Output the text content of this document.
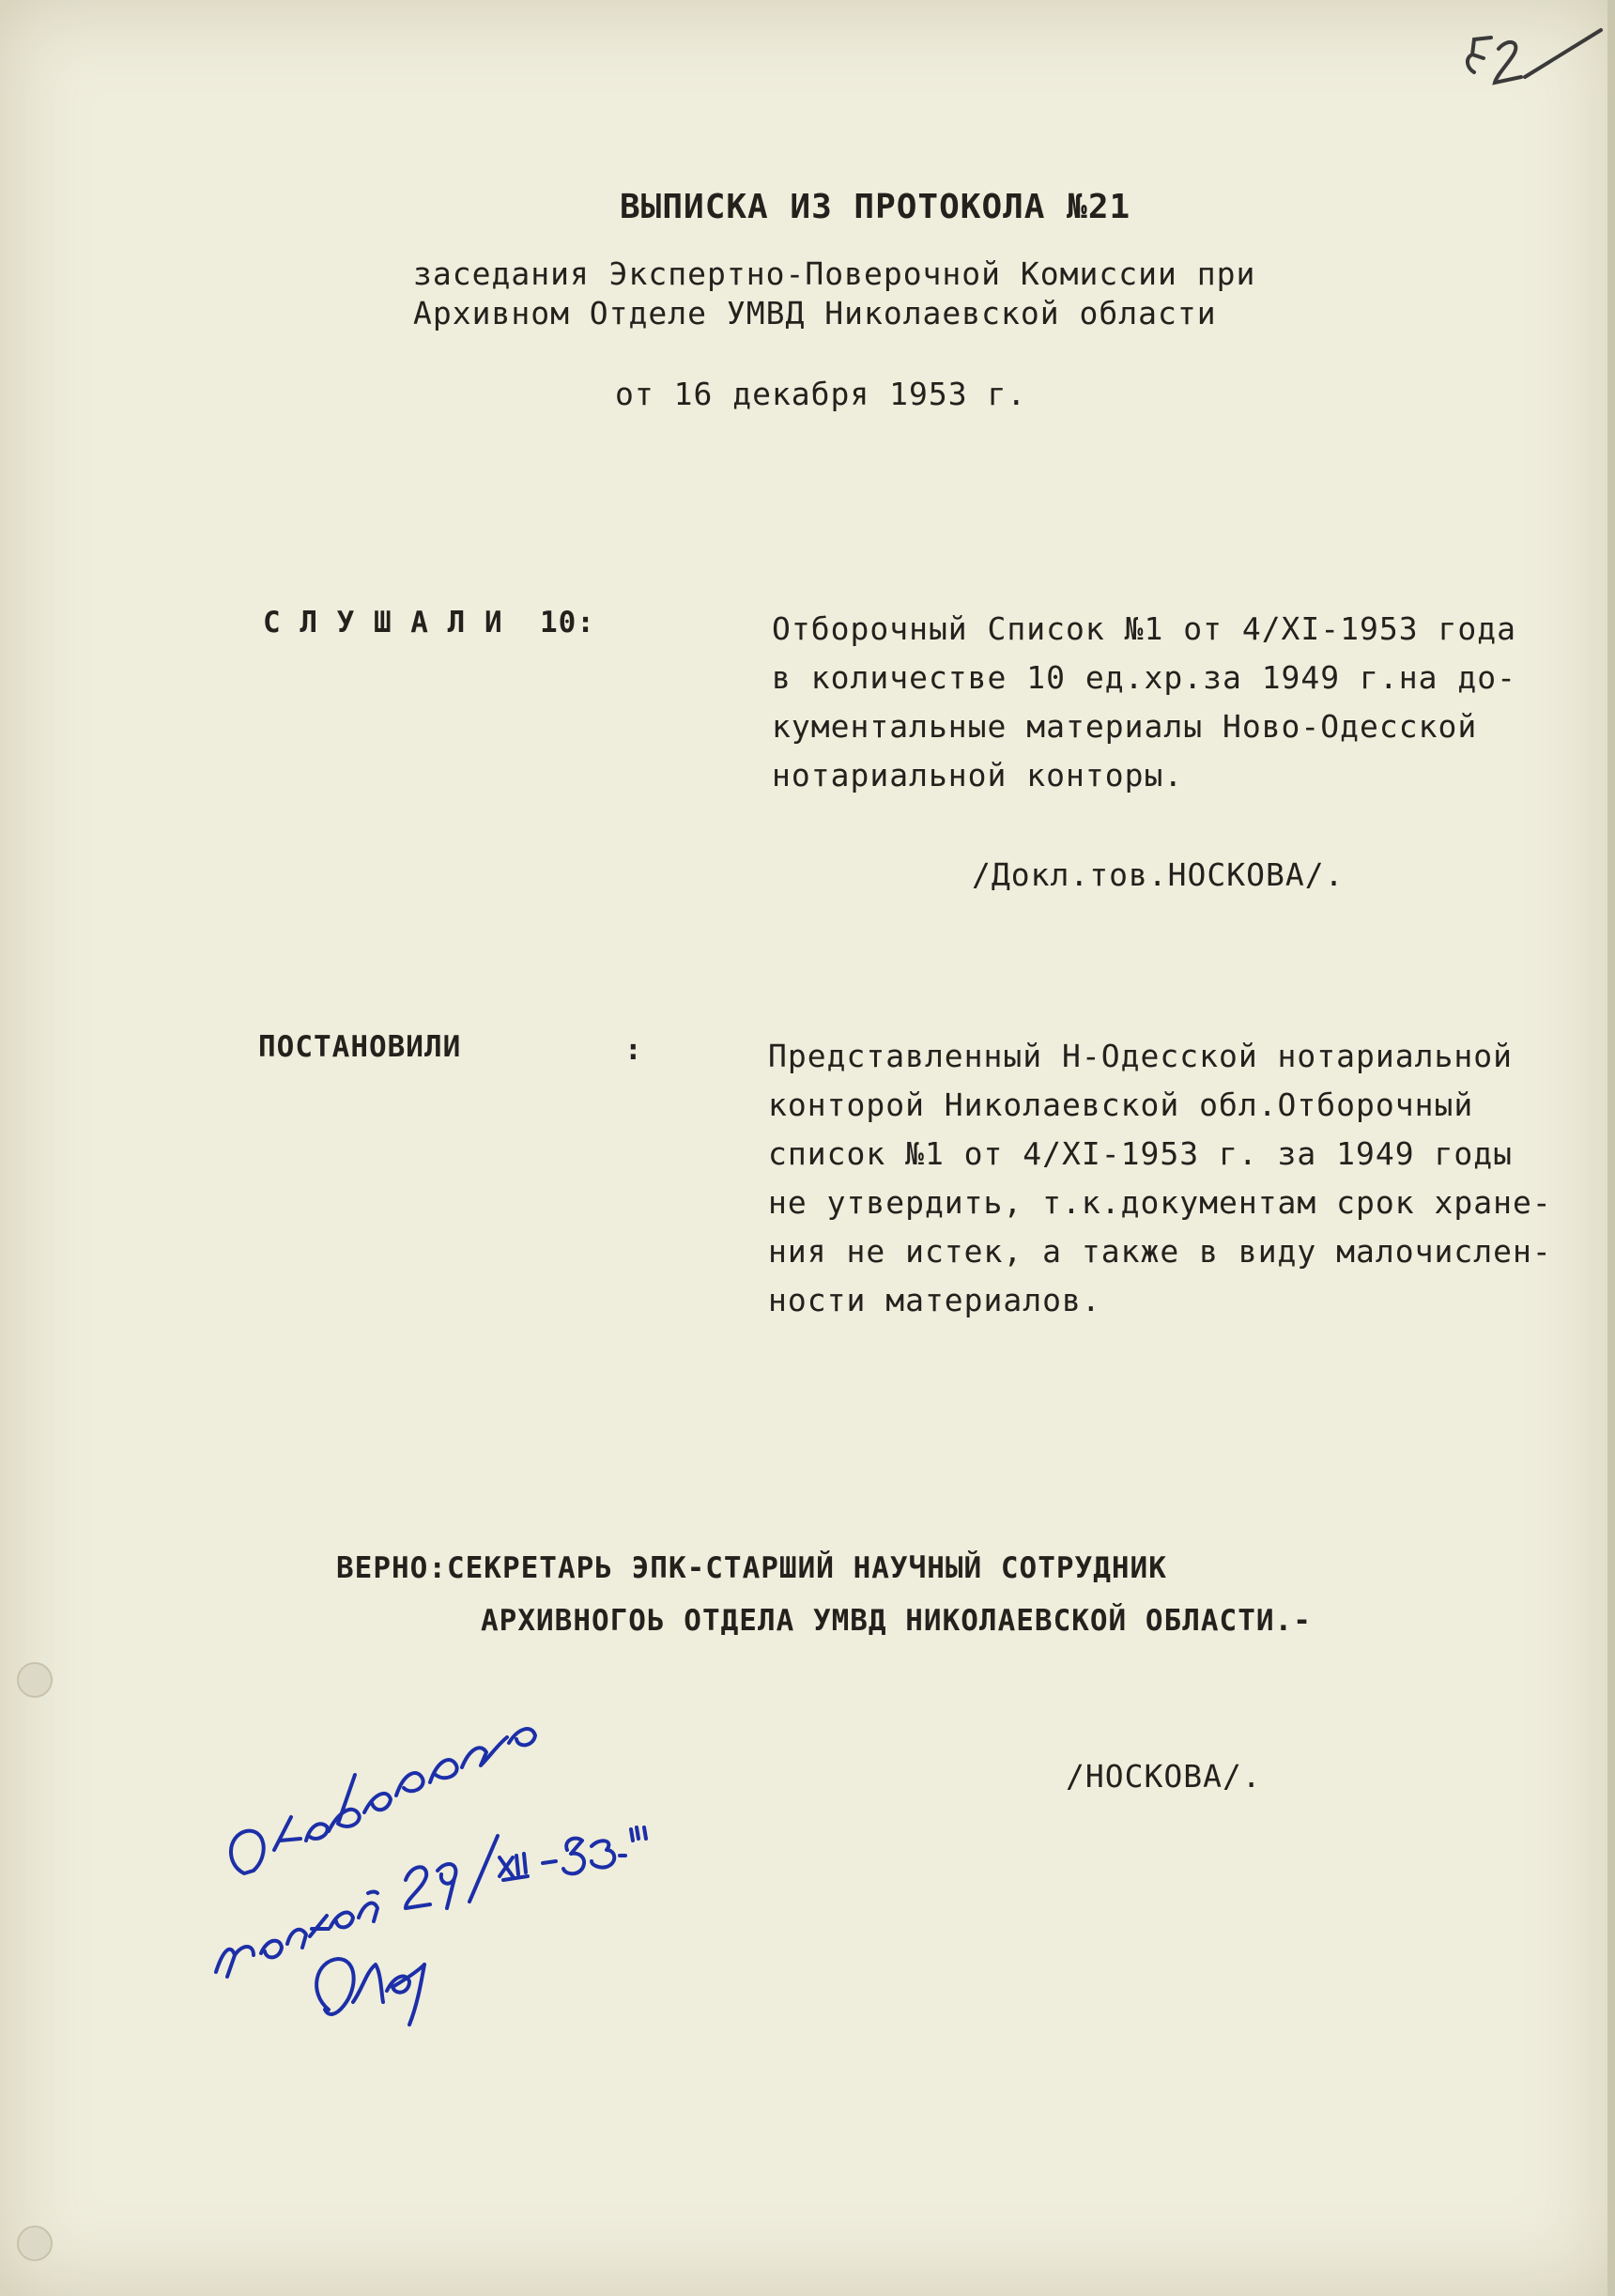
ВЫПИСКА ИЗ ПРОТОКОЛА №21
заседания Экспертно-Поверочной Комиссии при
Архивном Отделе УМВД Николаевской области
от 16 декабря 1953 г.
С Л У Ш А Л И  10:	Отборочный Список №1 от 4/XI-1953 года
в количестве 10 ед.хр.за 1949 г.на до-
кументальные материалы Ново-Одесской
нотариальной конторы.
/Докл.тов.НОСКОВА/.
ПОСТАНОВИЛИ	:	Представленный Н-Одесской нотариальной
конторой Николаевской обл.Отборочный
список №1 от 4/XI-1953 г. за 1949 годы
не утвердить, т.к.документам срок хране-
ния не истек, а также в виду малочислен-
ности материалов.
ВЕРНО:СЕКРЕТАРЬ ЭПК-СТАРШИЙ НАУЧНЫЙ СОТРУДНИК
АРХИВНОГОЬ ОТДЕЛА УМВД НИКОЛАЕВСКОЙ ОБЛАСТИ.-
/НОСКОВА/.
